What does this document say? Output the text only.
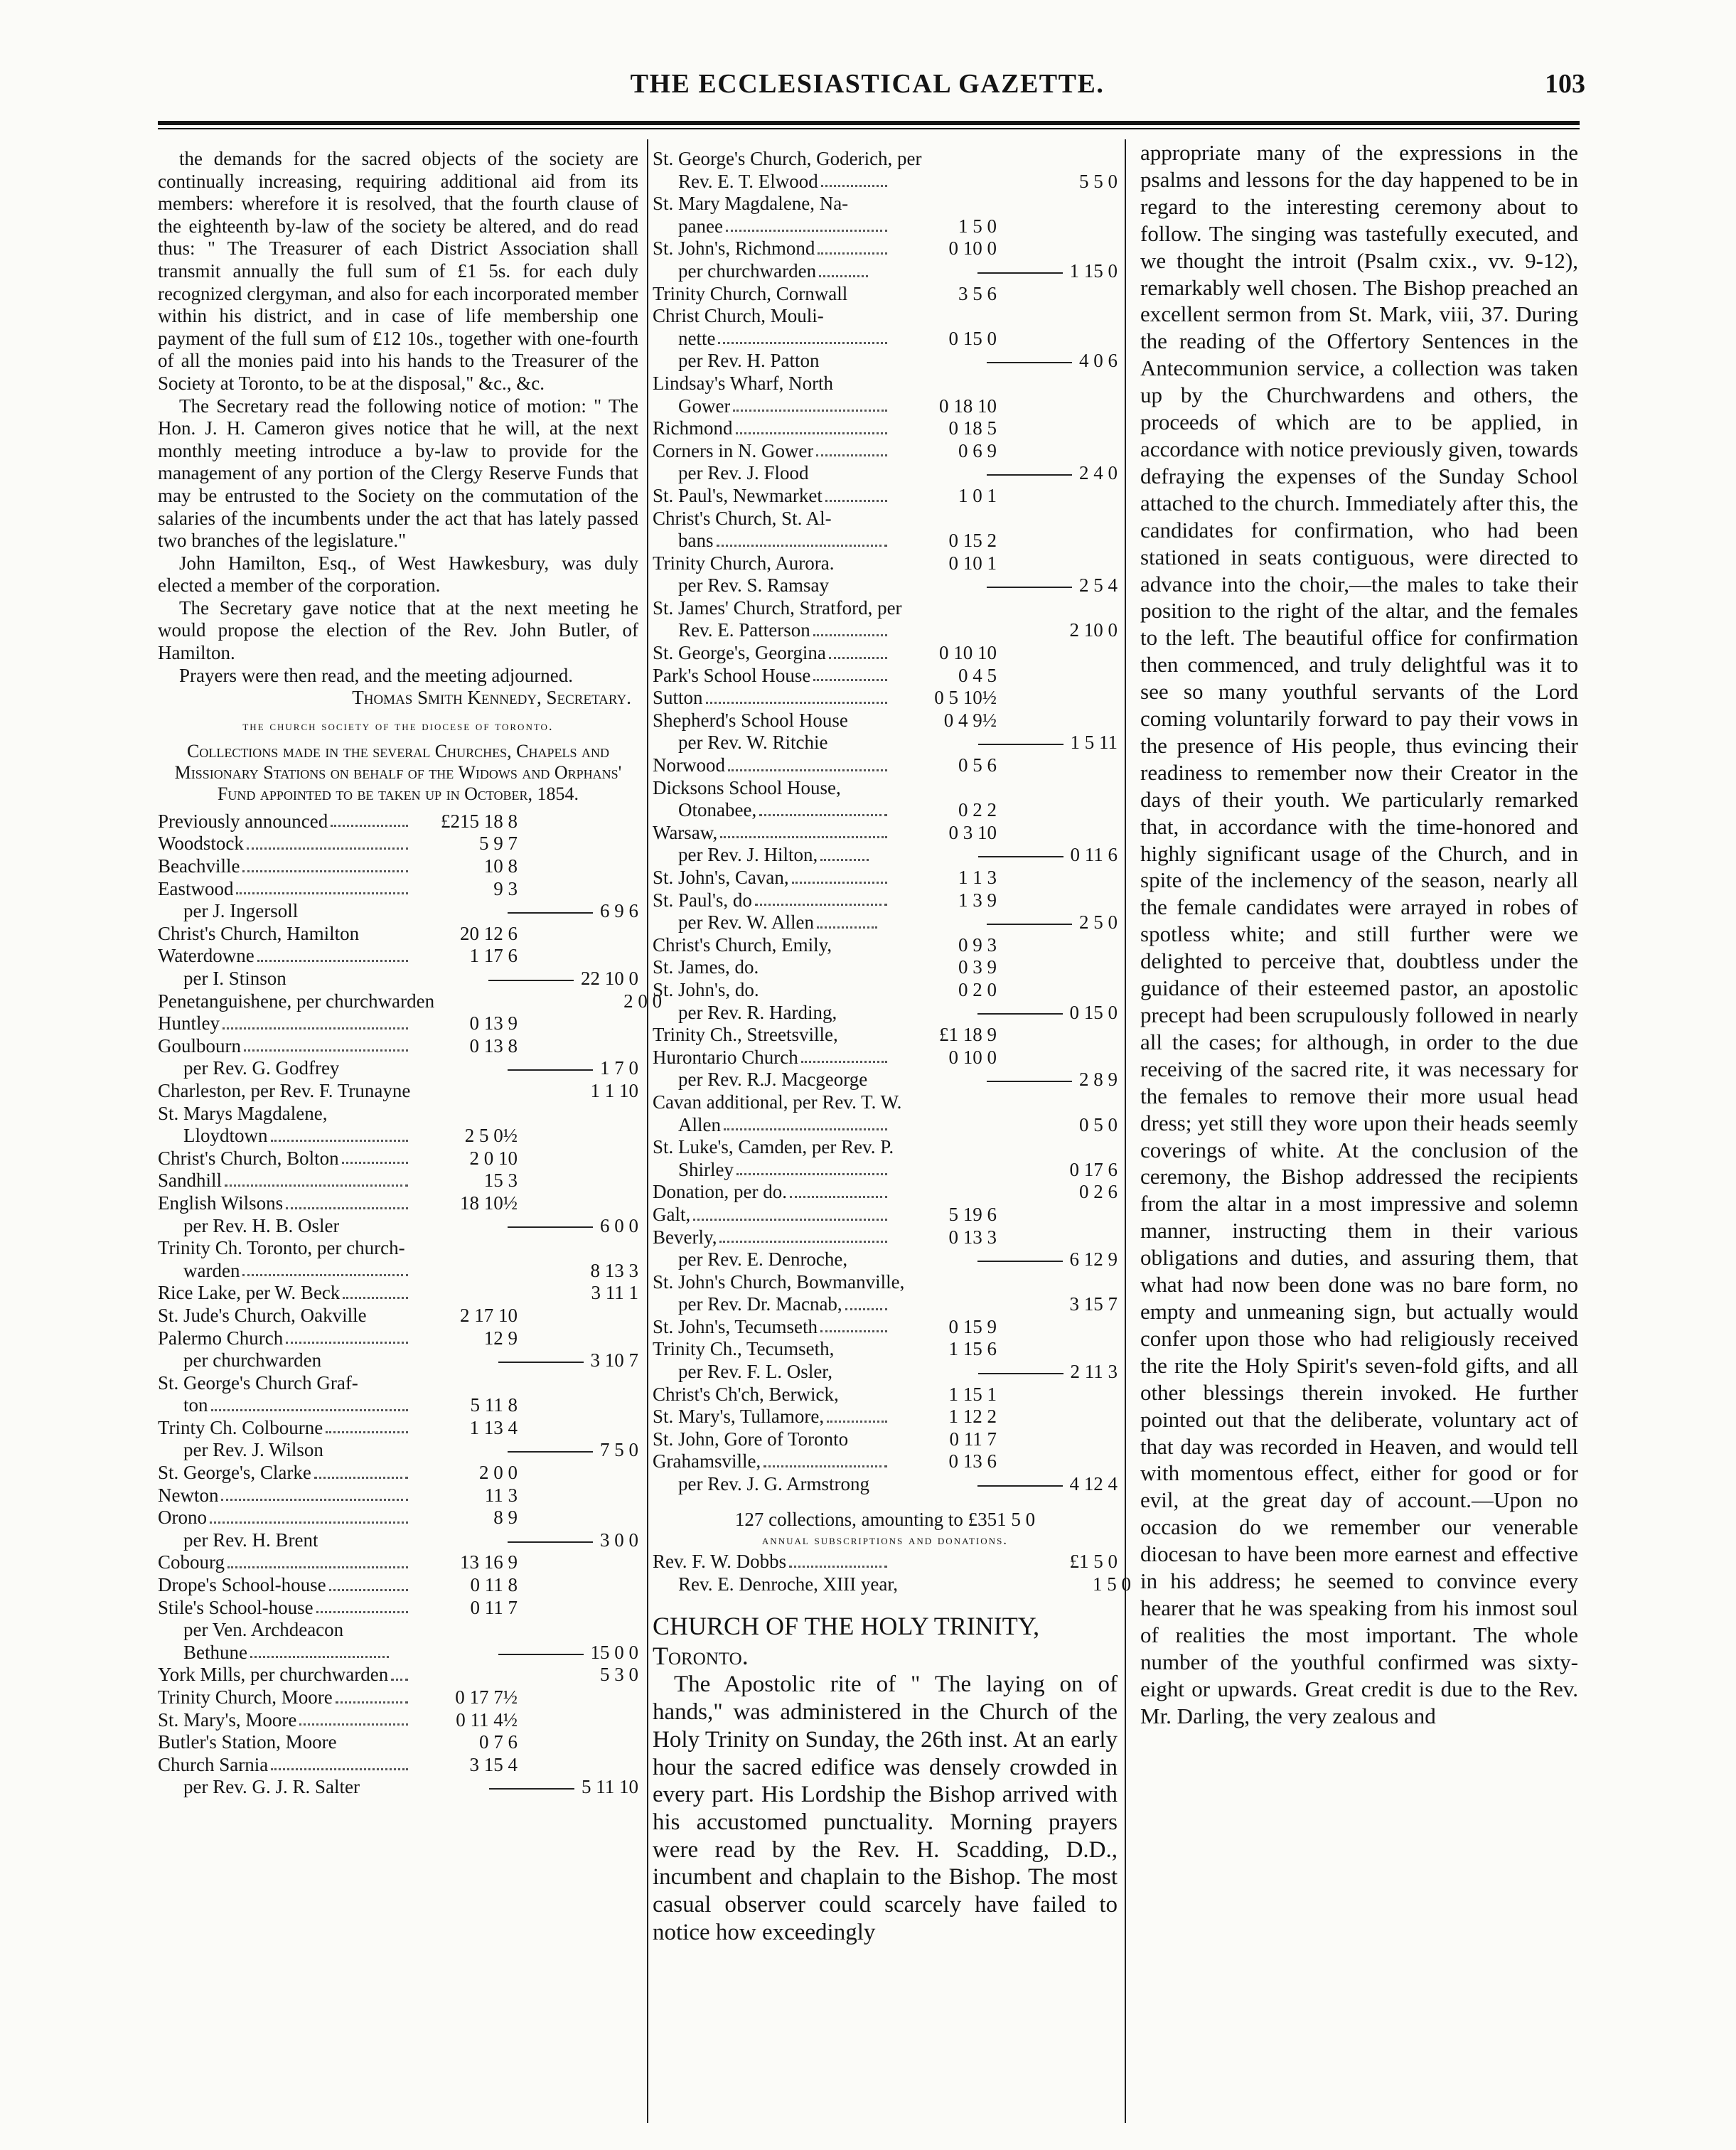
THE ECCLESIASTICAL GAZETTE.	103
the demands for the sacred objects of the society are continually increasing, requiring additional aid from its members: wherefore it is resolved, that the fourth clause of the eighteenth by-law of the society be altered, and do read thus: " The Treasurer of each District Association shall transmit annually the full sum of £1 5s. for each duly recognized clergyman, and also for each incorporated member within his district, and in case of life membership one payment of the full sum of £12 10s., together with one-fourth of all the monies paid into his hands to the Treasurer of the Society at Toronto, to be at the disposal," &c., &c.
The Secretary read the following notice of motion: " The Hon. J. H. Cameron gives notice that he will, at the next monthly meeting introduce a by-law to provide for the management of any portion of the Clergy Reserve Funds that may be entrusted to the Society on the commutation of the salaries of the incumbents under the act that has lately passed two branches of the legislature."
John Hamilton, Esq., of West Hawkesbury, was duly elected a member of the corporation.
The Secretary gave notice that at the next meeting he would propose the election of the Rev. John Butler, of Hamilton.
Prayers were then read, and the meeting adjourned.
Thomas Smith Kennedy, Secretary.
the church society of the diocese of toronto.
Collections made in the several Churches, Chapels and Missionary Stations on behalf of the Widows and Orphans' Fund appointed to be taken up in October, 1854.
Previously announced	£215 18 8
Woodstock	5 9 7
Beachville	10 8
Eastwood	9 3
per J. Ingersoll	6 9 6
Christ's Church, Hamilton	20 12 6
Waterdowne	1 17 6
per I. Stinson	22 10 0
Penetanguishene, per churchwarden	2 0 0
Huntley	0 13 9
Goulbourn	0 13 8
per Rev. G. Godfrey	1 7 0
Charleston, per Rev. F. Trunayne	1 1 10
St. Marys Magdalene,
Lloydtown	2 5 0½
Christ's Church, Bolton	2 0 10
Sandhill	15 3
English Wilsons	18 10½
per Rev. H. B. Osler	6 0 0
Trinity Ch. Toronto, per church-
warden	8 13 3
Rice Lake, per W. Beck	3 11 1
St. Jude's Church, Oakville	2 17 10
Palermo Church	12 9
per churchwarden	3 10 7
St. George's Church Graf-
ton	5 11 8
Trinty Ch. Colbourne	1 13 4
per Rev. J. Wilson	7 5 0
St. George's, Clarke	2 0 0
Newton	11 3
Orono	8 9
per Rev. H. Brent	3 0 0
Cobourg	13 16 9
Drope's School-house	0 11 8
Stile's School-house	0 11 7
per Ven. Archdeacon
Bethune	15 0 0
York Mills, per churchwarden	5 3 0
Trinity Church, Moore	0 17 7½
St. Mary's, Moore	0 11 4½
Butler's Station, Moore	0 7 6
Church Sarnia	3 15 4
per Rev. G. J. R. Salter	5 11 10
St. George's Church, Goderich, per
Rev. E. T. Elwood	5 5 0
St. Mary Magdalene, Na-
panee	1 5 0
St. John's, Richmond	0 10 0
per churchwarden	1 15 0
Trinity Church, Cornwall	3 5 6
Christ Church, Mouli-
nette	0 15 0
per Rev. H. Patton	4 0 6
Lindsay's Wharf, North
Gower	0 18 10
Richmond	0 18 5
Corners in N. Gower	0 6 9
per Rev. J. Flood	2 4 0
St. Paul's, Newmarket	1 0 1
Christ's Church, St. Al-
bans	0 15 2
Trinity Church, Aurora.	0 10 1
per Rev. S. Ramsay	2 5 4
St. James' Church, Stratford, per
Rev. E. Patterson	2 10 0
St. George's, Georgina	0 10 10
Park's School House	0 4 5
Sutton	0 5 10½
Shepherd's School House	0 4 9½
per Rev. W. Ritchie	1 5 11
Norwood	0 5 6
Dicksons School House,
Otonabee,	0 2 2
Warsaw,	0 3 10
per Rev. J. Hilton,	0 11 6
St. John's, Cavan,	1 1 3
St. Paul's, do	1 3 9
per Rev. W. Allen	2 5 0
Christ's Church, Emily,	0 9 3
St. James, do.	0 3 9
St. John's, do.	0 2 0
per Rev. R. Harding,	0 15 0
Trinity Ch., Streetsville,	£1 18 9
Hurontario Church	0 10 0
per Rev. R.J. Macgeorge	2 8 9
Cavan additional, per Rev. T. W.
Allen	0 5 0
St. Luke's, Camden, per Rev. P.
Shirley	0 17 6
Donation, per do.	0 2 6
Galt,	5 19 6
Beverly,	0 13 3
per Rev. E. Denroche,	6 12 9
St. John's Church, Bowmanville,
per Rev. Dr. Macnab,	3 15 7
St. John's, Tecumseth	0 15 9
Trinity Ch., Tecumseth,	1 15 6
per Rev. F. L. Osler,	2 11 3
Christ's Ch'ch, Berwick,	1 15 1
St. Mary's, Tullamore,	1 12 2
St. John, Gore of Toronto	0 11 7
Grahamsville,	0 13 6
per Rev. J. G. Armstrong	4 12 4
127 collections, amounting to £351 5 0
annual subscriptions and donations.
Rev. F. W. Dobbs	£1 5 0
Rev. E. Denroche, XIII year,	1 5 0
CHURCH OF THE HOLY TRINITY, Toronto.
The Apostolic rite of " The laying on of hands," was administered in the Church of the Holy Trinity on Sunday, the 26th inst. At an early hour the sacred edifice was densely crowded in every part. His Lordship the Bishop arrived with his accustomed punctuality. Morning prayers were read by the Rev. H. Scadding, D.D., incumbent and chaplain to the Bishop. The most casual observer could scarcely have failed to notice how exceedingly
appropriate many of the expressions in the psalms and lessons for the day happened to be in regard to the interesting ceremony about to follow. The singing was tastefully executed, and we thought the introit (Psalm cxix., vv. 9-12), remarkably well chosen. The Bishop preached an excellent sermon from St. Mark, viii, 37. During the reading of the Offertory Sentences in the Antecommunion service, a collection was taken up by the Churchwardens and others, the proceeds of which are to be applied, in accordance with notice previously given, towards defraying the expenses of the Sunday School attached to the church. Immediately after this, the candidates for confirmation, who had been stationed in seats contiguous, were directed to advance into the choir,—the males to take their position to the right of the altar, and the females to the left. The beautiful office for confirmation then commenced, and truly delightful was it to see so many youthful servants of the Lord coming voluntarily forward to pay their vows in the presence of His people, thus evincing their readiness to remember now their Creator in the days of their youth. We particularly remarked that, in accordance with the time-honored and highly significant usage of the Church, and in spite of the inclemency of the season, nearly all the female candidates were arrayed in robes of spotless white; and still further were we delighted to perceive that, doubtless under the guidance of their esteemed pastor, an apostolic precept had been scrupulously followed in nearly all the cases; for although, in order to the due receiving of the sacred rite, it was necessary for the females to remove their more usual head dress; yet still they wore upon their heads seemly coverings of white. At the conclusion of the ceremony, the Bishop addressed the recipients from the altar in a most impressive and solemn manner, instructing them in their various obligations and duties, and assuring them, that what had now been done was no bare form, no empty and unmeaning sign, but actually would confer upon those who had religiously received the rite the Holy Spirit's seven-fold gifts, and all other blessings therein invoked. He further pointed out that the deliberate, voluntary act of that day was recorded in Heaven, and would tell with momentous effect, either for good or for evil, at the great day of account.—Upon no occasion do we remember our venerable diocesan to have been more earnest and effective in his address; he seemed to convince every hearer that he was speaking from his inmost soul of realities the most important. The whole number of the youthful confirmed was sixty-eight or upwards. Great credit is due to the Rev. Mr. Darling, the very zealous and
